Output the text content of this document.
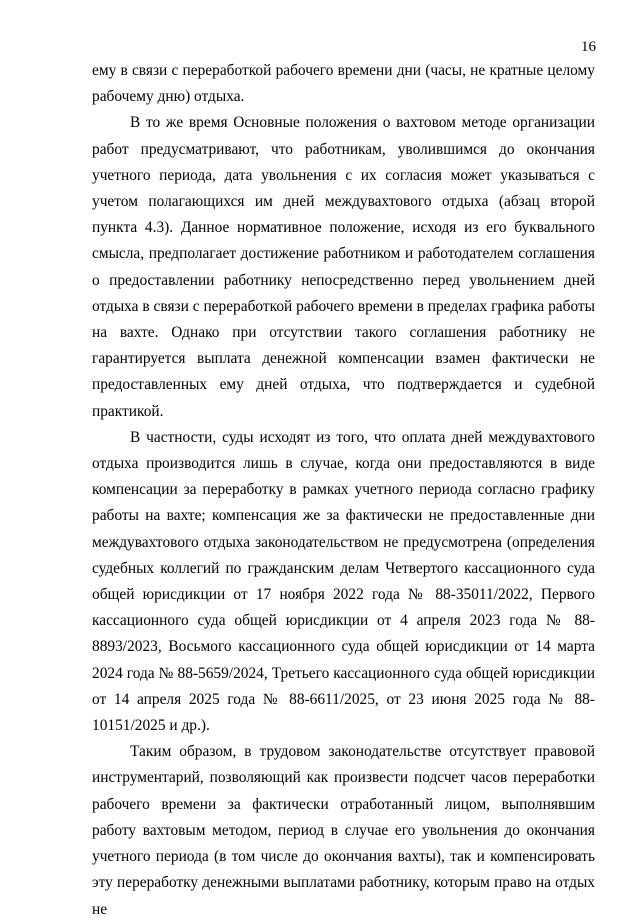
16

ему в связи с переработкой рабочего времени дни (часы, не кратные целому рабочему дню) отдыха.

В то же время Основные положения о вахтовом методе организации работ предусматривают, что работникам, уволившимся до окончания учетного периода, дата увольнения с их согласия может указываться с учетом полагающихся им дней междувахтового отдыха (абзац второй пункта 4.3). Данное нормативное положение, исходя из его буквального смысла, предполагает достижение работником и работодателем соглашения о предоставлении работнику непосредственно перед увольнением дней отдыха в связи с переработкой рабочего времени в пределах графика работы на вахте. Однако при отсутствии такого соглашения работнику не гарантируется выплата денежной компенсации взамен фактически не предоставленных ему дней отдыха, что подтверждается и судебной практикой.

В частности, суды исходят из того, что оплата дней междувахтового отдыха производится лишь в случае, когда они предоставляются в виде компенсации за переработку в рамках учетного периода согласно графику работы на вахте; компенсация же за фактически не предоставленные дни междувахтового отдыха законодательством не предусмотрена (определения судебных коллегий по гражданским делам Четвертого кассационного суда общей юрисдикции от 17 ноября 2022 года № 88-35011/2022, Первого кассационного суда общей юрисдикции от 4 апреля 2023 года № 88-8893/2023, Восьмого кассационного суда общей юрисдикции от 14 марта 2024 года № 88-5659/2024, Третьего кассационного суда общей юрисдикции от 14 апреля 2025 года № 88-6611/2025, от 23 июня 2025 года № 88-10151/2025 и др.).

Таким образом, в трудовом законодательстве отсутствует правовой инструментарий, позволяющий как произвести подсчет часов переработки рабочего времени за фактически отработанный лицом, выполнявшим работу вахтовым методом, период в случае его увольнения до окончания учетного периода (в том числе до окончания вахты), так и компенсировать эту переработку денежными выплатами работнику, которым право на отдых не
